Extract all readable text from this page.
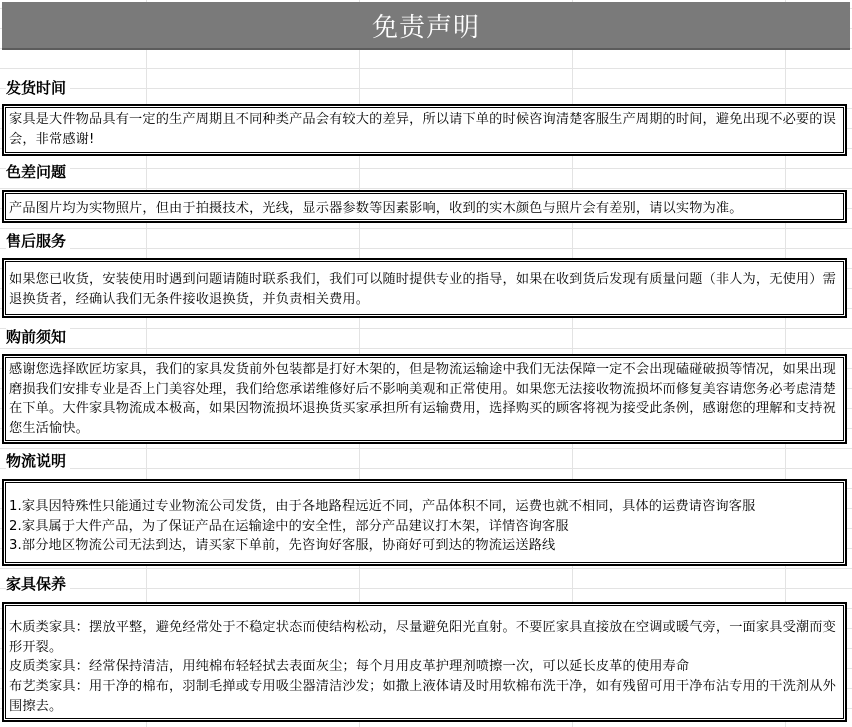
免责声明
发货时间

家具是大件物品具有一定的生产周期且不同种类产品会有较大的差异，所以请下单的时候咨询清楚客服生产周期的时间，避免出现不必要的误会，非常感谢!

色差问题

产品图片均为实物照片，但由于拍摄技术，光线，显示器参数等因素影响，收到的实木颜色与照片会有差别，请以实物为准。

售后服务

如果您已收货，安装使用时遇到问题请随时联系我们，我们可以随时提供专业的指导，如果在收到货后发现有质量问题（非人为，无使用）需退换货者，经确认我们无条件接收退换货，并负责相关费用。

购前须知

感谢您选择欧匠坊家具，我们的家具发货前外包装都是打好木架的，但是物流运输途中我们无法保障一定不会出现磕碰破损等情况，如果出现磨损我们安排专业是否上门美容处理，我们给您承诺维修好后不影响美观和正常使用。如果您无法接收物流损坏而修复美容请您务必考虑清楚在下单。大件家具物流成本极高，如果因物流损坏退换货买家承担所有运输费用，选择购买的顾客将视为接受此条例，感谢您的理解和支持祝您生活愉快。

物流说明

1.家具因特殊性只能通过专业物流公司发货，由于各地路程远近不同，产品体积不同，运费也就不相同，具体的运费请咨询客服

2.家具属于大件产品，为了保证产品在运输途中的安全性，部分产品建议打木架，详情咨询客服

3.部分地区物流公司无法到达，请买家下单前，先咨询好客服，协商好可到达的物流运送路线

家具保养

木质类家具：摆放平整，避免经常处于不稳定状态而使结构松动，尽量避免阳光直射。不要匠家具直接放在空调或暖气旁，一面家具受潮而变形开裂。

皮质类家具：经常保持清洁，用纯棉布轻轻拭去表面灰尘；每个月用皮革护理剂喷擦一次，可以延长皮革的使用寿命

布艺类家具：用干净的棉布，羽制毛掸或专用吸尘器清洁沙发；如撒上液体请及时用软棉布洗干净，如有残留可用干净布沾专用的干洗剂从外围擦去。
